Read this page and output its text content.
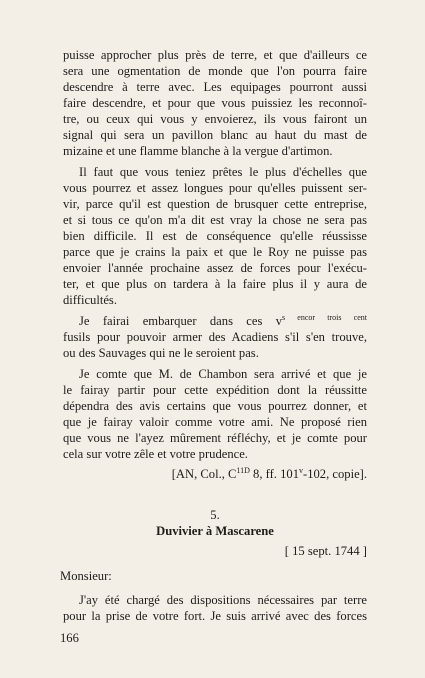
puisse approcher plus près de terre, et que d'ailleurs ce
sera une ogmentation de monde que l'on pourra faire
descendre à terre avec. Les equipages pourront aussi
faire descendre, et pour que vous puissiez les reconnoî-
tre, ou ceux qui vous y envoierez, ils vous fairont un
signal qui sera un pavillon blanc au haut du mast de
mizaine et une flamme blanche à la vergue d'artimon.
Il faut que vous teniez prêtes le plus d'échelles que
vous pourrez et assez longues pour qu'elles puissent ser-
vir, parce qu'il est question de brusquer cette entreprise,
et si tous ce qu'on m'a dit est vray la chose ne sera pas
bien difficile. Il est de conséquence qu'elle réussisse
parce que je crains la paix et que le Roy ne puisse pas
envoier l'année prochaine assez de forces pour l'exécu-
ter, et que plus on tardera à la faire plus il y aura de
difficultés.
Je fairai embarquer dans ces $v^{s encor trois cent}$
fusils pour pouvoir armer des Acadiens s'il s'en trouve,
ou des Sauvages qui ne le seroient pas.
Je comte que M. de Chambon sera arrivé et que je
le fairay partir pour cette expédition dont la réussitte
dépendra des avis certains que vous pourrez donner, et
que je fairay valoir comme votre ami. Ne proposé rien
que vous ne l'ayez mûrement réfléchy, et je comte pour
cela sur votre zêle et votre prudence.
[AN, Col., $C^{11D}$ 8, ff. 101$^v$-102, copie].
5.
Duvivier à Mascarene
[ 15 sept. 1744 ]
Monsieur:
J'ay été chargé des dispositions nécessaires par terre
pour la prise de votre fort. Je suis arrivé avec des forces
166
